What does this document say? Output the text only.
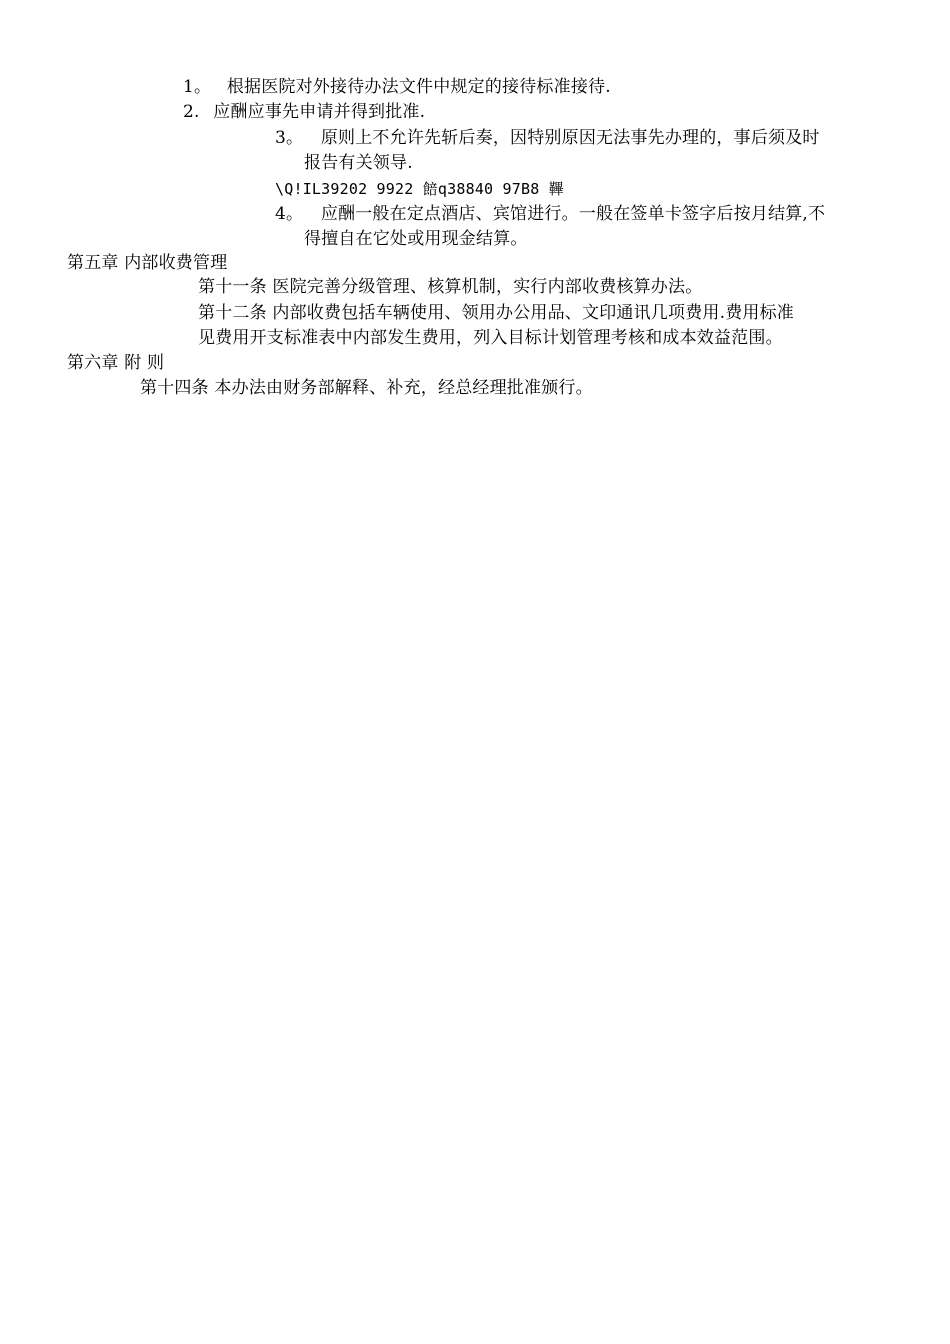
1。 根据医院对外接待办法文件中规定的接待标准接待.
2. 应酬应事先申请并得到批准.
3。 原则上不允许先斩后奏，因特别原因无法事先办理的，事后须及时
报告有关领导.
\Q!IL39202 9922 餢q38840 97B8 鞸
4。 应酬一般在定点酒店、宾馆进行。一般在签单卡签字后按月结算,不
得擅自在它处或用现金结算。
第五章 内部收费管理
第十一条 医院完善分级管理、核算机制，实行内部收费核算办法。
第十二条 内部收费包括车辆使用、领用办公用品、文印通讯几项费用.费用标准
见费用开支标准表中内部发生费用，列入目标计划管理考核和成本效益范围。
第六章 附 则
第十四条 本办法由财务部解释、补充，经总经理批准颁行。
